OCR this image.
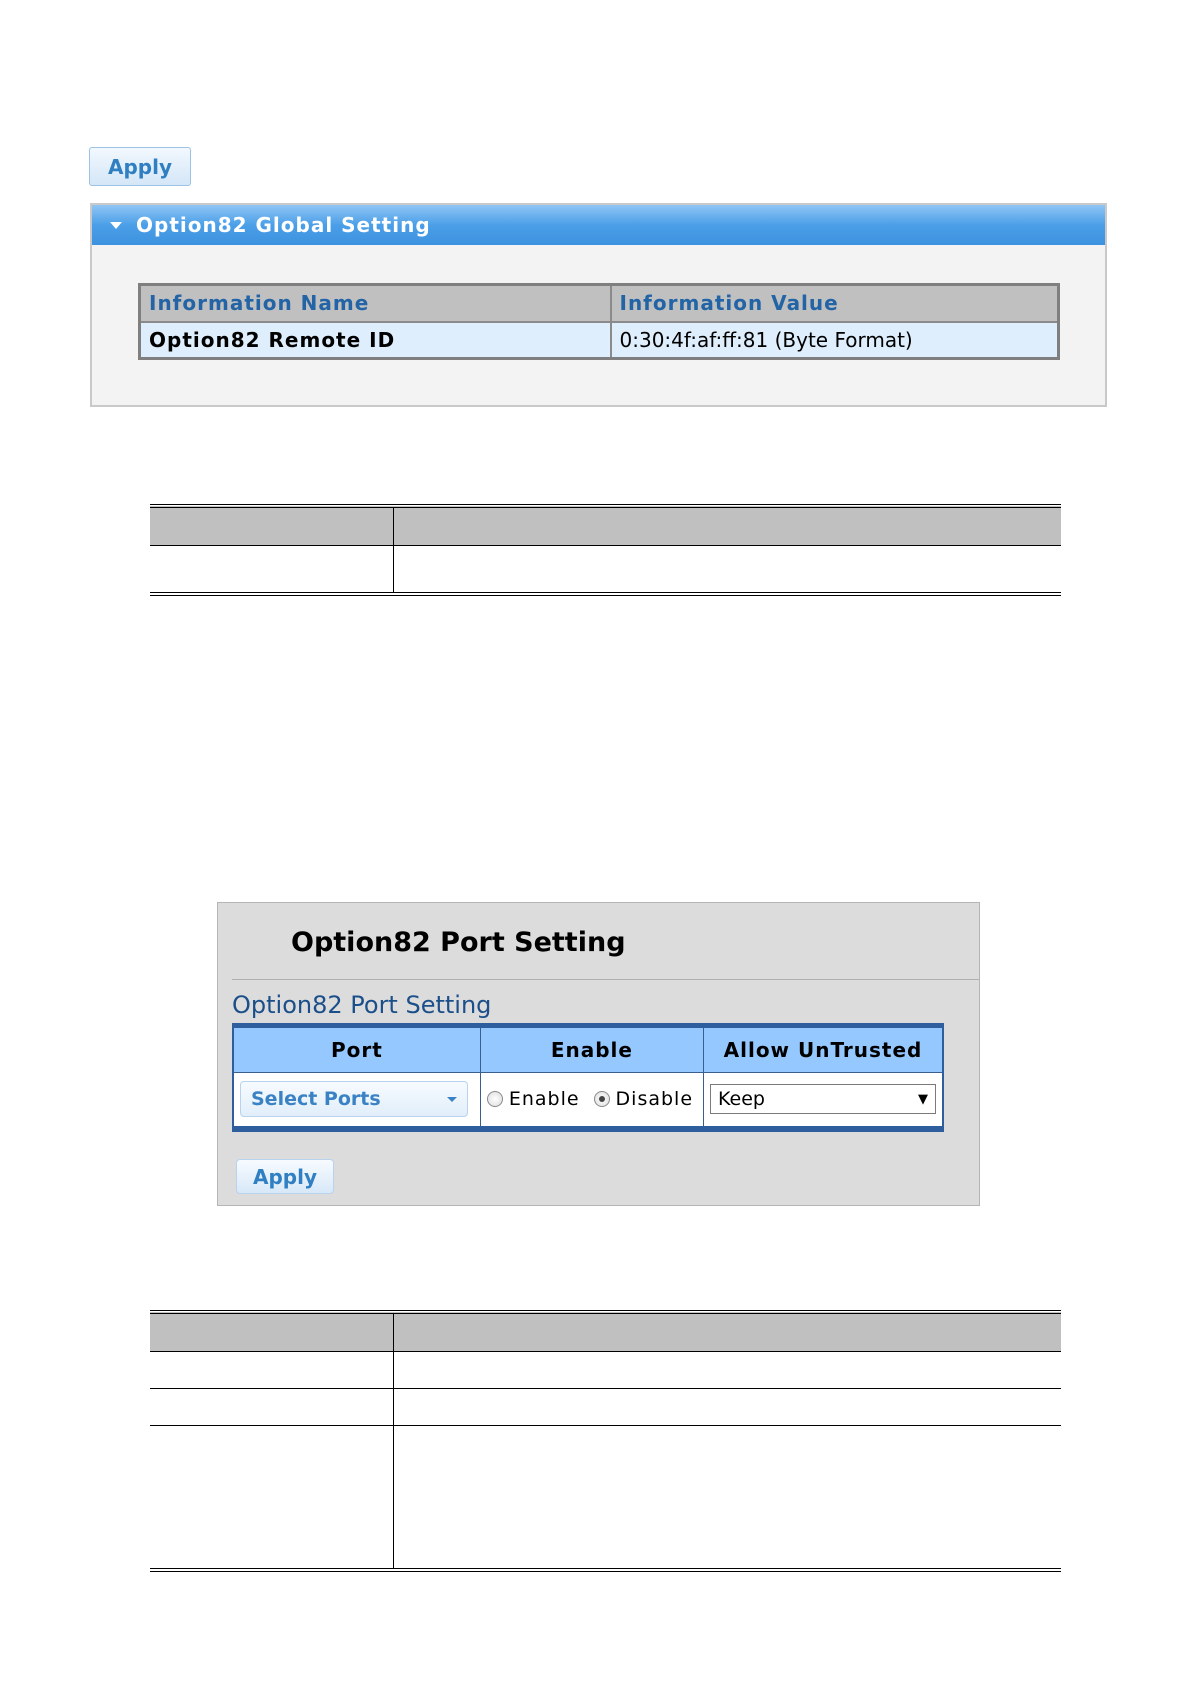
Apply
Option82 Global Setting
Information Name	Information Value
Option82 Remote ID	0:30:4f:af:ff:81 (Byte Format)

Option82 Port Setting
Option82 Port Setting
Port	Enable	Allow UnTrusted

Select Ports	Enable Disable	Keep ▼
Apply
